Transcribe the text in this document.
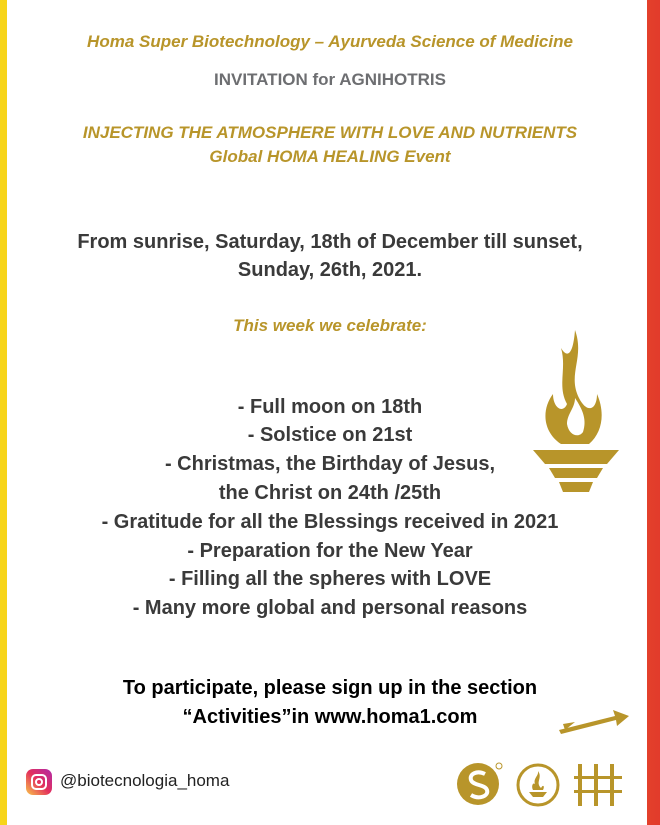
Homa Super Biotechnology – Ayurveda Science of Medicine
INVITATION for AGNIHOTRIS
INJECTING THE ATMOSPHERE WITH LOVE AND NUTRIENTS
Global HOMA HEALING Event
From sunrise, Saturday, 18th of December till sunset,
Sunday, 26th, 2021.
This week we celebrate:
- Full moon on 18th
- Solstice on 21st
- Christmas, the Birthday of Jesus,
the Christ on 24th /25th
- Gratitude for all the Blessings received in 2021
- Preparation for the New Year
- Filling all the spheres with LOVE
- Many more global and personal reasons
To participate, please sign up in the section
“Activities”in www.homa1.com
@biotecnologia_homa
